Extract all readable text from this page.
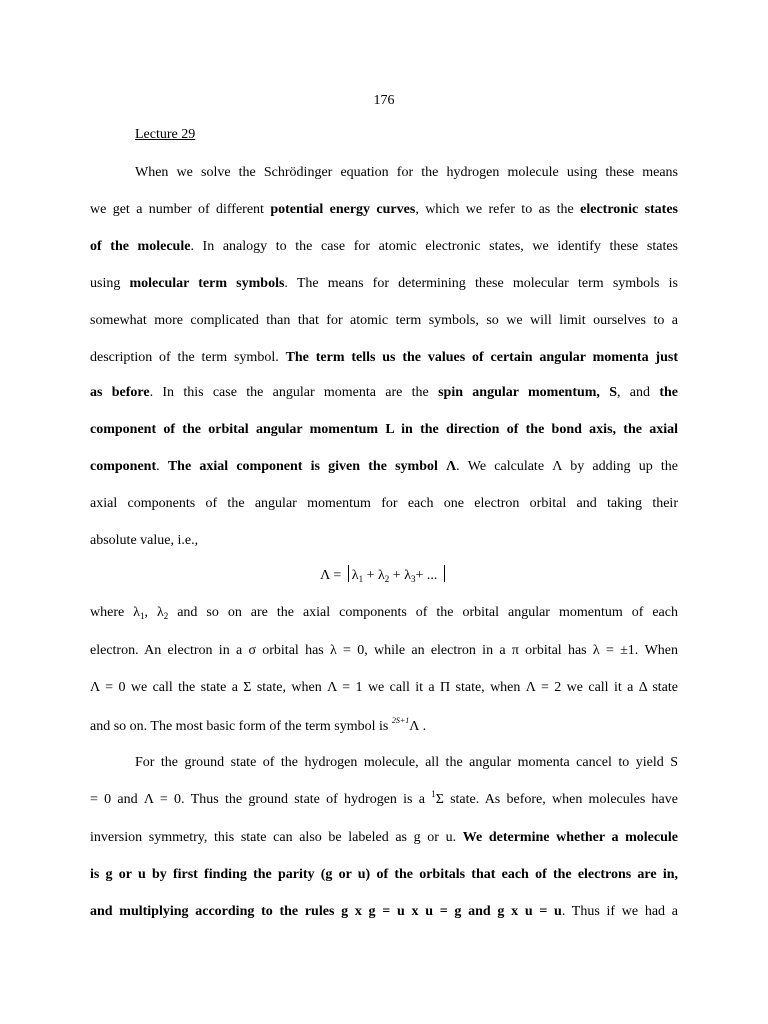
176
Lecture 29
When we solve the Schrödinger equation for the hydrogen molecule using these means
we get a number of different potential energy curves, which we refer to as the electronic states
of the molecule. In analogy to the case for atomic electronic states, we identify these states
using molecular term symbols. The means for determining these molecular term symbols is
somewhat more complicated than that for atomic term symbols, so we will limit ourselves to a
description of the term symbol. The term tells us the values of certain angular momenta just
as before. In this case the angular momenta are the spin angular momentum, S, and the
component of the orbital angular momentum L in the direction of the bond axis, the axial
component. The axial component is given the symbol Λ. We calculate Λ by adding up the
axial components of the angular momentum for each one electron orbital and taking their
absolute value, i.e.,
$\Lambda = \lambda_1 + \lambda_2 + \lambda_3+$ ...
where $\lambda_1$, $\lambda_2$ and so on are the axial components of the orbital angular momentum of each
electron. An electron in a σ orbital has λ = 0, while an electron in a π orbital has λ = ±1. When
Λ = 0 we call the state a Σ state, when Λ = 1 we call it a Π state, when Λ = 2 we call it a Δ state
and so on. The most basic form of the term symbol is $^{2S+1}$Λ .
For the ground state of the hydrogen molecule, all the angular momenta cancel to yield S
= 0 and Λ = 0. Thus the ground state of hydrogen is a $^1$Σ state. As before, when molecules have
inversion symmetry, this state can also be labeled as g or u. We determine whether a molecule
is g or u by first finding the parity (g or u) of the orbitals that each of the electrons are in,
and multiplying according to the rules g x g = u x u = g and g x u = u. Thus if we had a
